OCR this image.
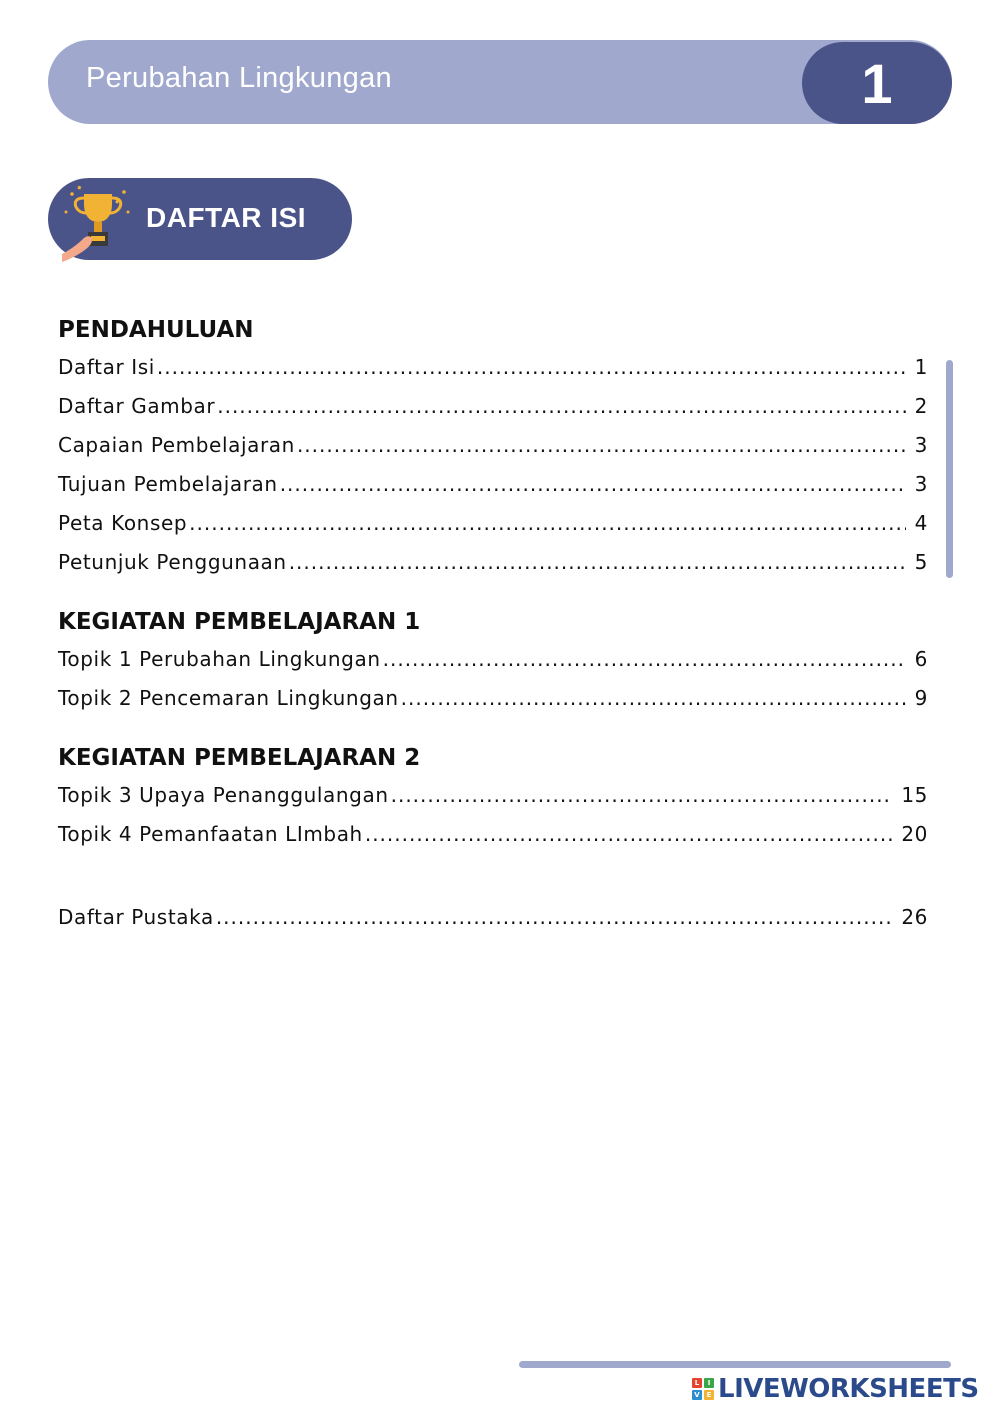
Perubahan Lingkungan	1
DAFTAR ISI
PENDAHULUAN
Daftar Isi .....	1
Daftar Gambar .....	2
Capaian Pembelajaran .....	3
Tujuan Pembelajaran .....	3
Peta Konsep .....	4
Petunjuk Penggunaan .....	5
KEGIATAN PEMBELAJARAN 1
Topik 1 Perubahan Lingkungan .....	6
Topik 2 Pencemaran Lingkungan .....	9
KEGIATAN PEMBELAJARAN 2
Topik 3 Upaya Penanggulangan .....	15
Topik 4 Pemanfaatan LImbah .....	20
Daftar Pustaka .....	26
L	I
V E LIVEWORKSHEETS
